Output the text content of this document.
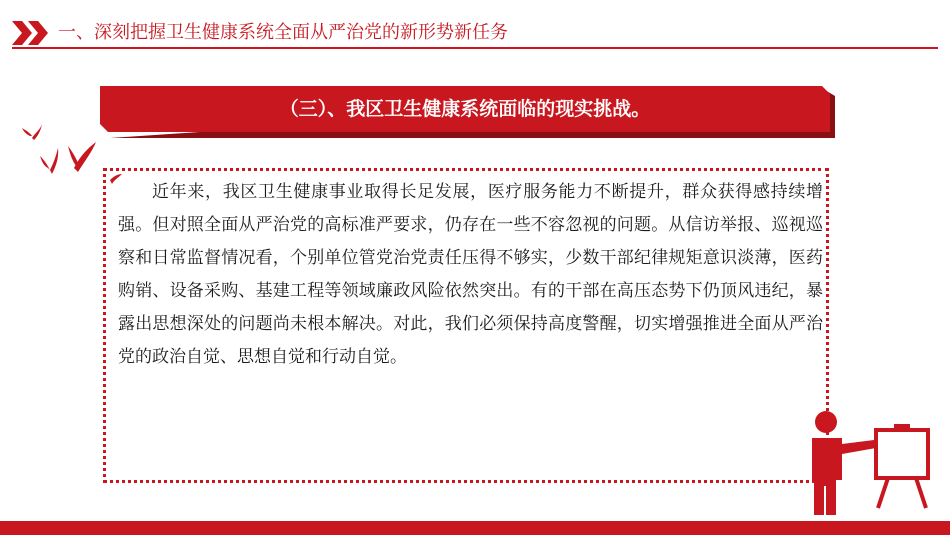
一、深刻把握卫生健康系统全面从严治党的新形势新任务
（三）、我区卫生健康系统面临的现实挑战。

近年来，我区卫生健康事业取得长足发展，医疗服务能力不断提升，群众获得感持续增强。但对照全面从严治党的高标准严要求，仍存在一些不容忽视的问题。从信访举报、巡视巡察和日常监督情况看，个别单位管党治党责任压得不够实，少数干部纪律规矩意识淡薄，医药购销、设备采购、基建工程等领域廉政风险依然突出。有的干部在高压态势下仍顶风违纪，暴露出思想深处的问题尚未根本解决。对此，我们必须保持高度警醒，切实增强推进全面从严治党的政治自觉、思想自觉和行动自觉。
